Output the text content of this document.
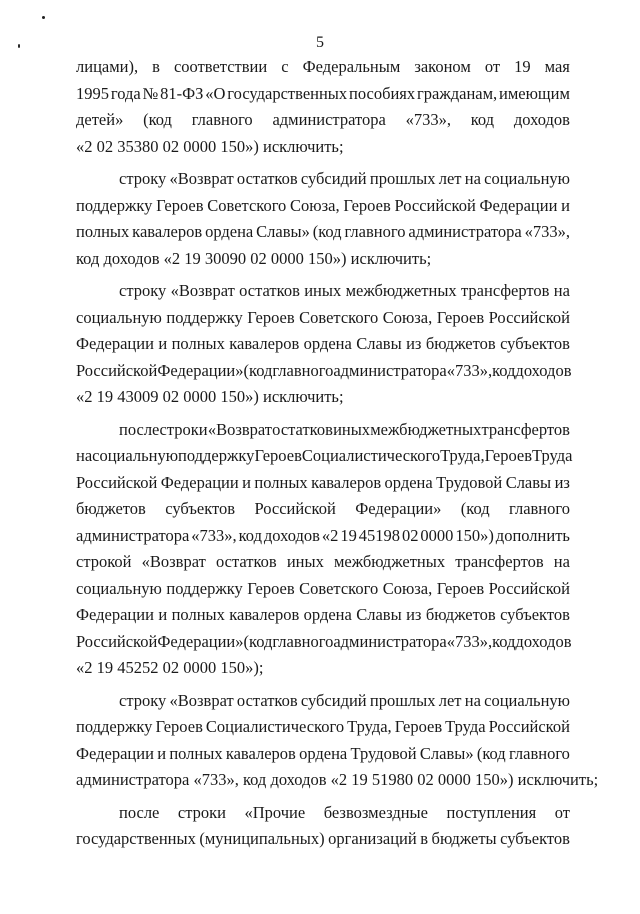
5
лицами), в соответствии с Федеральным законом от 19 мая
1995 года № 81-ФЗ «О государственных пособиях гражданам, имеющим
детей» (код главного администратора «733», код доходов
«2 02 35380 02 0000 150») исключить;
строку «Возврат остатков субсидий прошлых лет на социальную
поддержку Героев Советского Союза, Героев Российской Федерации и
полных кавалеров ордена Славы» (код главного администратора «733»,
код доходов «2 19 30090 02 0000 150») исключить;
строку «Возврат остатков иных межбюджетных трансфертов на
социальную поддержку Героев Советского Союза, Героев Российской
Федерации и полных кавалеров ордена Славы из бюджетов субъектов
Российской Федерации» (код главного администратора «733», код доходов
«2 19 43009 02 0000 150») исключить;
после строки «Возврат остатков иных межбюджетных трансфертов
на социальную поддержку Героев Социалистического Труда, Героев Труда
Российской Федерации и полных кавалеров ордена Трудовой Славы из
бюджетов субъектов Российской Федерации» (код главного
администратора «733», код доходов «2 19 45198 02 0000 150») дополнить
строкой «Возврат остатков иных межбюджетных трансфертов на
социальную поддержку Героев Советского Союза, Героев Российской
Федерации и полных кавалеров ордена Славы из бюджетов субъектов
Российской Федерации» (код главного администратора «733», код доходов
«2 19 45252 02 0000 150»);
строку «Возврат остатков субсидий прошлых лет на социальную
поддержку Героев Социалистического Труда, Героев Труда Российской
Федерации и полных кавалеров ордена Трудовой Славы» (код главного
администратора «733», код доходов «2 19 51980 02 0000 150») исключить;
после строки «Прочие безвозмездные поступления от
государственных (муниципальных) организаций в бюджеты субъектов
